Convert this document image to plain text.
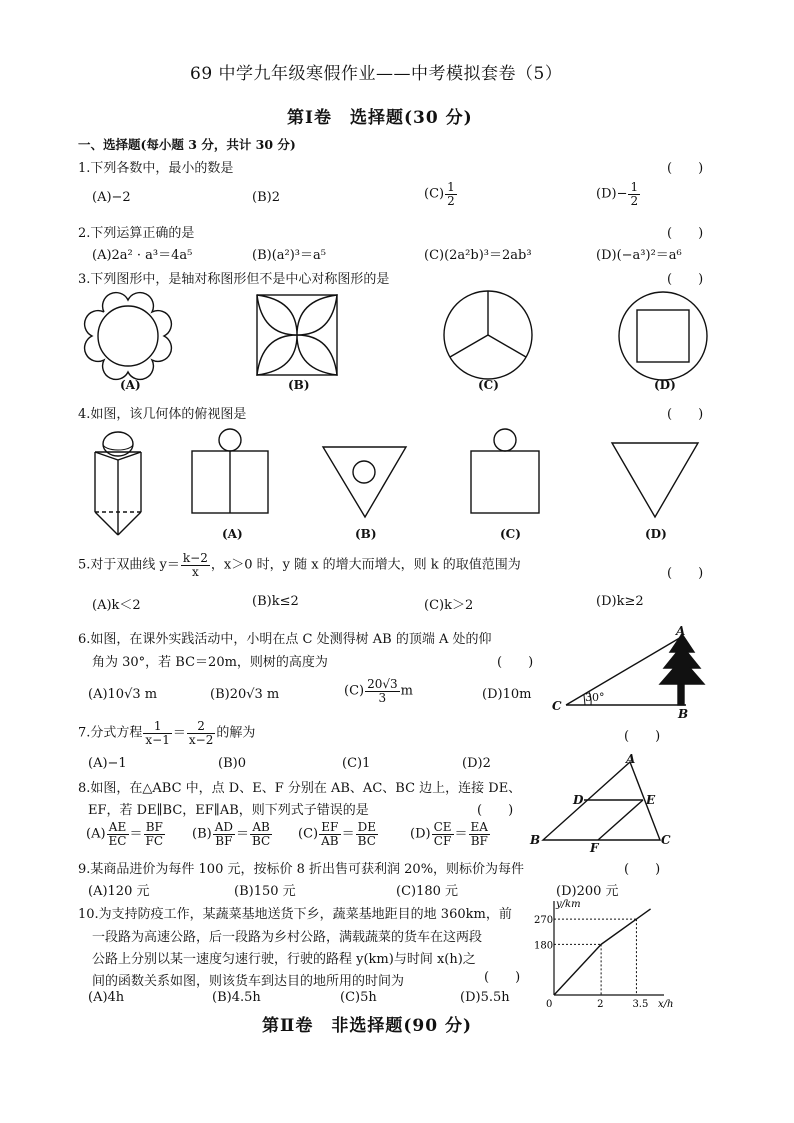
69 中学九年级寒假作业——中考模拟套卷（5）
第Ⅰ卷　选择题(30 分)
一、选择题(每小题 3 分，共计 30 分)
1.下列各数中，最小的数是	(　　)
(A)−2	(B)2	$(C) \frac{1}{2}$	$(D)- \frac{1}{2}$
2.下列运算正确的是	(　　)
(A)2a² · a³＝4a⁵	(B)(a²)³＝a⁵	(C)(2a²b)³＝2ab³	(D)(−a³)²＝a⁶
3.下列图形中，是轴对称图形但不是中心对称图形的是	(　　)
(A)	(B)	(C)	(D)
4.如图，该几何体的俯视图是	(　　)
(A)	(B)	(C)	(D)
5.对于双曲线 $y= \frac{k-2}{x}$ ，x＞0 时，y 随 x 的增大而增大，则 k 的取值范围为
(　　)
(A)k＜2	(B)k≤2	(C)k＞2	(D)k≥2
6.如图，在课外实践活动中，小明在点 C 处测得树 AB 的顶端 A 处的仰
角为 30°，若 BC＝20m，则树的高度为	(　　)
(A)10√3 m	(B)20√3 m	$(C) \frac{20√3}{3}$ m	(D)10m
A
C
B
30°
7.分式方程 $\frac{1}{x-1} = \frac{2}{x-2}$ 的解为	(　　)
(A)−1	(B)0	(C)1	(D)2
8.如图，在△ABC 中，点 D、E、F 分别在 AB、AC、BC 边上，连接 DE、
EF，若 DE∥BC，EF∥AB，则下列式子错误的是	(　　)
$(A) \frac{AE}{EC} = \frac{BF}{FC} (B) \frac{AD}{BF} = \frac{AB}{BC} (C) \frac{EF}{AB} = \frac{DE}{BC} (D) \frac{CE}{CF} = \frac{EA}{BF}$
A
D	E
B
F
C
9.某商品进价为每件 100 元，按标价 8 折出售可获利润 20%，则标价为每件	(　　)
(A)120 元	(B)150 元	(C)180 元	(D)200 元
10.为支持防疫工作，某蔬菜基地送货下乡，蔬菜基地距目的地 360km，前
一段路为高速公路，后一段路为乡村公路，满载蔬菜的货车在这两段
公路上分别以某一速度匀速行驶，行驶的路程 y(km)与时间 x(h)之
间的函数关系如图，则该货车到达目的地所用的时间为	(　　)
(A)4h	(B)4.5h	(C)5h	(D)5.5h
y/km
x/h
0	2	3.5
180
270
第Ⅱ卷　非选择题(90 分)
